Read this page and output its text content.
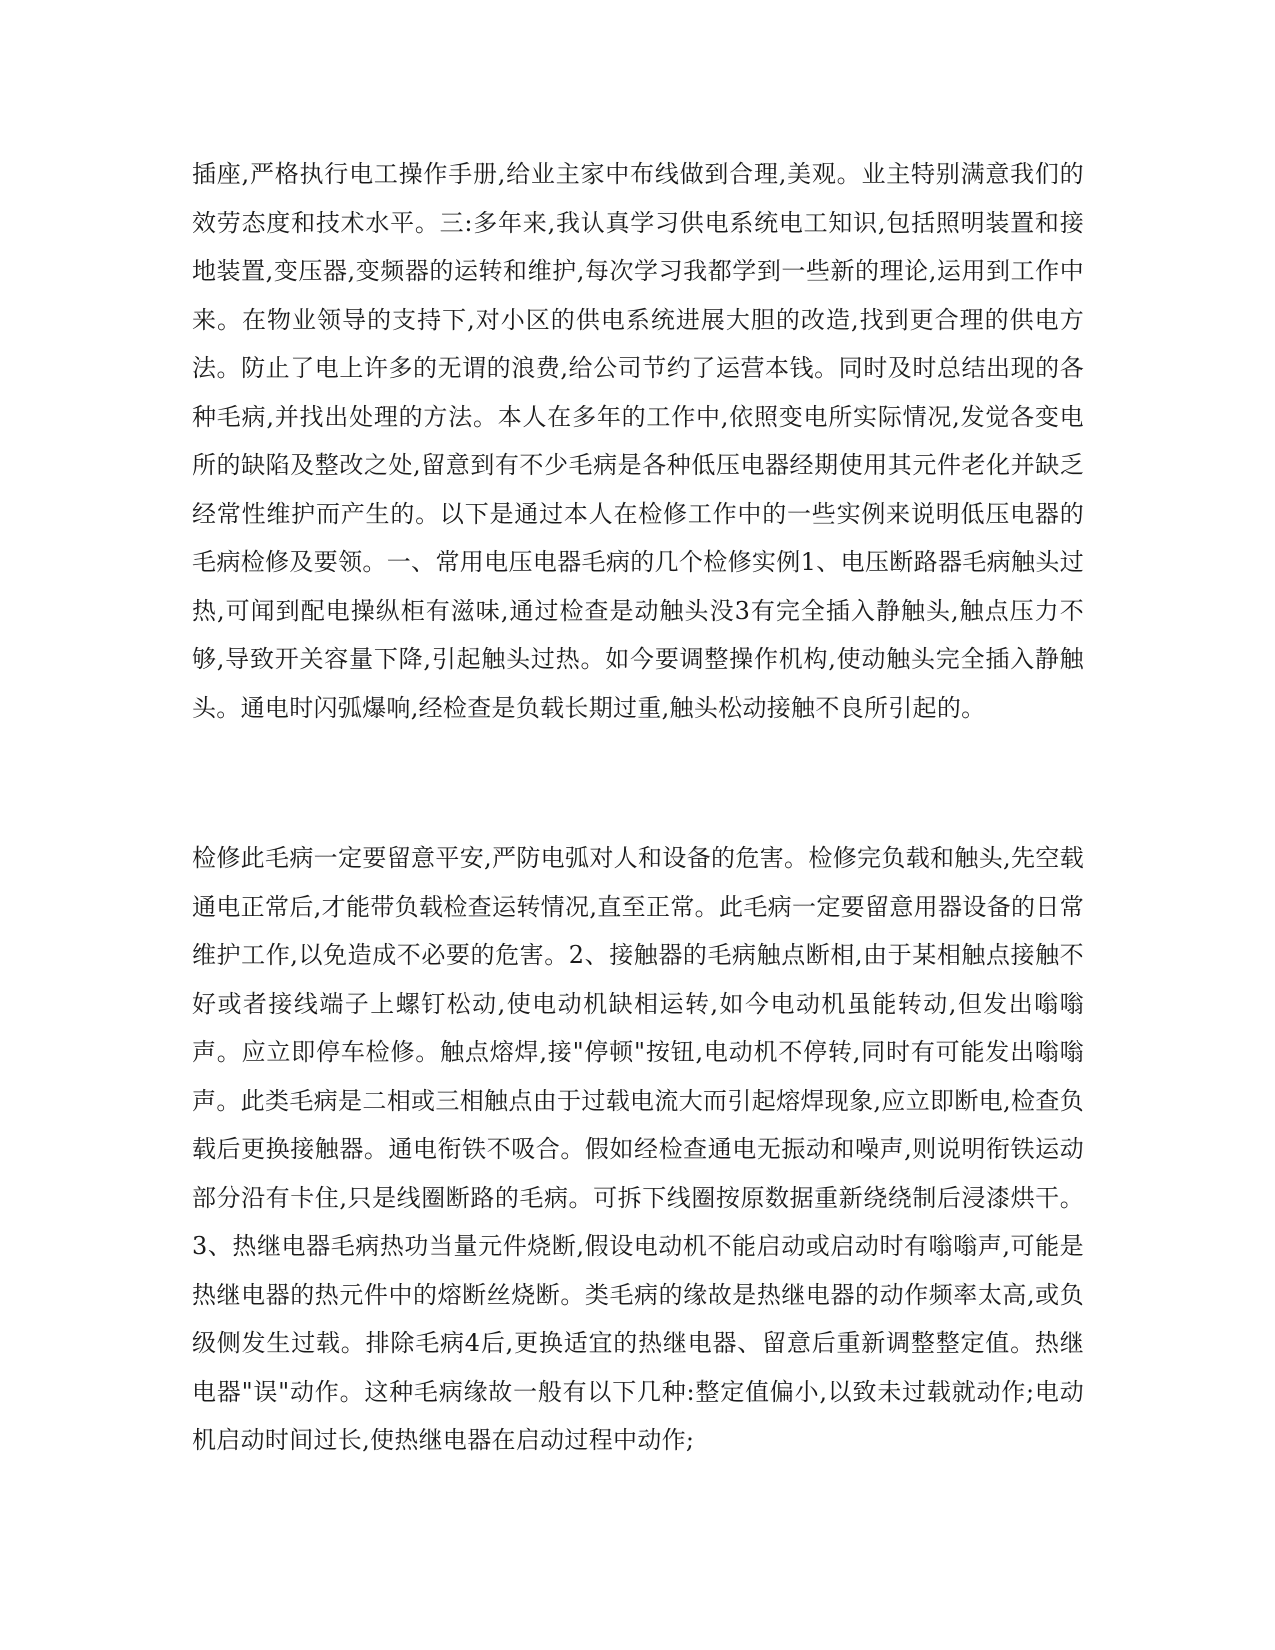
插座,严格执行电工操作手册,给业主家中布线做到合理,美观。业主特别满意我们的效劳态度和技术水平。三:多年来,我认真学习供电系统电工知识,包括照明装置和接地装置,变压器,变频器的运转和维护,每次学习我都学到一些新的理论,运用到工作中来。在物业领导的支持下,对小区的供电系统进展大胆的改造,找到更合理的供电方法。防止了电上许多的无谓的浪费,给公司节约了运营本钱。同时及时总结出现的各种毛病,并找出处理的方法。本人在多年的工作中,依照变电所实际情况,发觉各变电所的缺陷及整改之处,留意到有不少毛病是各种低压电器经期使用其元件老化并缺乏经常性维护而产生的。以下是通过本人在检修工作中的一些实例来说明低压电器的毛病检修及要领。一、常用电压电器毛病的几个检修实例1、电压断路器毛病触头过热,可闻到配电操纵柜有滋味,通过检查是动触头没3有完全插入静触头,触点压力不够,导致开关容量下降,引起触头过热。如今要调整操作机构,使动触头完全插入静触头。通电时闪弧爆响,经检查是负载长期过重,触头松动接触不良所引起的。

检修此毛病一定要留意平安,严防电弧对人和设备的危害。检修完负载和触头,先空载通电正常后,才能带负载检查运转情况,直至正常。此毛病一定要留意用器设备的日常维护工作,以免造成不必要的危害。2、接触器的毛病触点断相,由于某相触点接触不好或者接线端子上螺钉松动,使电动机缺相运转,如今电动机虽能转动,但发出嗡嗡声。应立即停车检修。触点熔焊,接"停顿"按钮,电动机不停转,同时有可能发出嗡嗡声。此类毛病是二相或三相触点由于过载电流大而引起熔焊现象,应立即断电,检查负载后更换接触器。通电衔铁不吸合。假如经检查通电无振动和噪声,则说明衔铁运动部分沿有卡住,只是线圈断路的毛病。可拆下线圈按原数据重新绕绕制后浸漆烘干。3、热继电器毛病热功当量元件烧断,假设电动机不能启动或启动时有嗡嗡声,可能是热继电器的热元件中的熔断丝烧断。类毛病的缘故是热继电器的动作频率太高,或负级侧发生过载。排除毛病4后,更换适宜的热继电器、留意后重新调整整定值。热继电器"误"动作。这种毛病缘故一般有以下几种:整定值偏小,以致未过载就动作;电动机启动时间过长,使热继电器在启动过程中动作;
